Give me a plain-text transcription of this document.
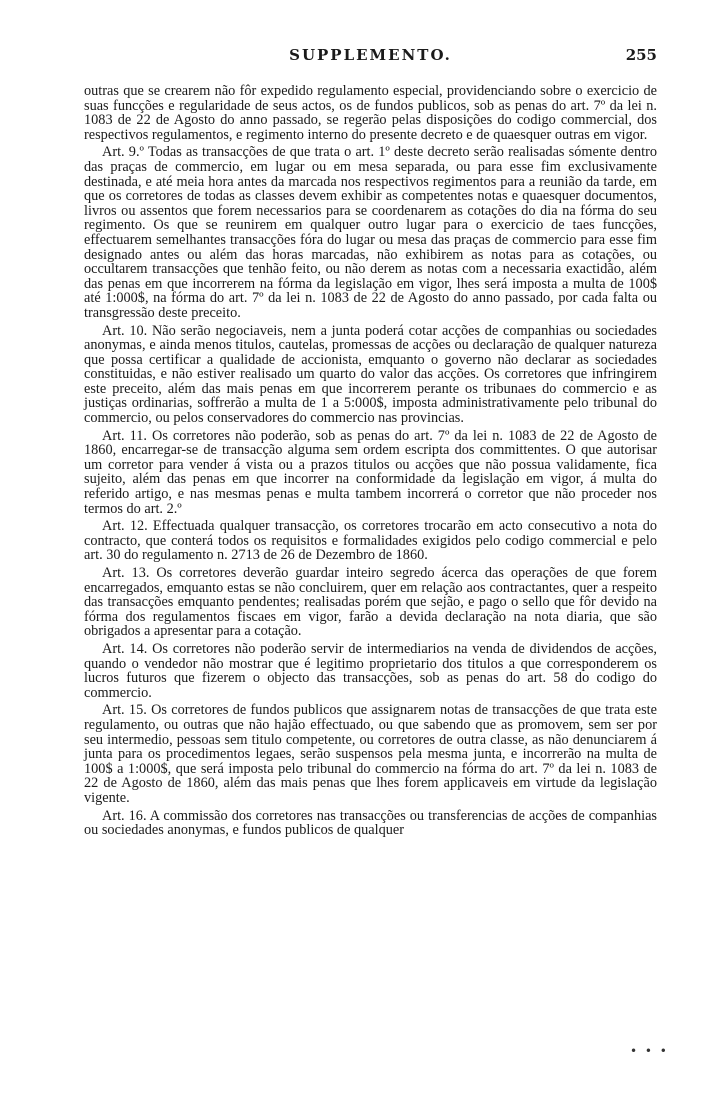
SUPPLEMENTO.	255

outras que se crearem não fôr expedido regulamento especial, providenciando sobre o exercicio de suas funcções e regularidade de seus actos, os de fundos publicos, sob as penas do art. 7º da lei n. 1083 de 22 de Agosto do anno passado, se regerão pelas disposições do codigo commercial, dos respectivos regulamentos, e regimento interno do presente decreto e de quaesquer outras em vigor.

Art. 9.º Todas as transacções de que trata o art. 1º deste decreto serão realisadas sómente dentro das praças de commercio, em lugar ou em mesa separada, ou para esse fim exclusivamente destinada, e até meia hora antes da marcada nos respectivos regimentos para a reunião da tarde, em que os corretores de todas as classes devem exhibir as competentes notas e quaesquer documentos, livros ou assentos que forem necessarios para se coordenarem as cotações do dia na fórma do seu regimento. Os que se reunirem em qualquer outro lugar para o exercicio de taes funcções, effectuarem semelhantes transacções fóra do lugar ou mesa das praças de commercio para esse fim designado antes ou além das horas marcadas, não exhibirem as notas para as cotações, ou occultarem transacções que tenhão feito, ou não derem as notas com a necessaria exactidão, além das penas em que incorrerem na fórma da legislação em vigor, lhes será imposta a multa de 100$ até 1:000$, na fórma do art. 7º da lei n. 1083 de 22 de Agosto do anno passado, por cada falta ou transgressão deste preceito.

Art. 10. Não serão negociaveis, nem a junta poderá cotar acções de companhias ou sociedades anonymas, e ainda menos titulos, cautelas, promessas de acções ou declaração de qualquer natureza que possa certificar a qualidade de accionista, emquanto o governo não declarar as sociedades constituidas, e não estiver realisado um quarto do valor das acções. Os corretores que infringirem este preceito, além das mais penas em que incorrerem perante os tribunaes do commercio e as justiças ordinarias, soffrerão a multa de 1 a 5:000$, imposta administrativamente pelo tribunal do commercio, ou pelos conservadores do commercio nas provincias.

Art. 11. Os corretores não poderão, sob as penas do art. 7º da lei n. 1083 de 22 de Agosto de 1860, encarregar-se de transacção alguma sem ordem escripta dos committentes. O que autorisar um corretor para vender á vista ou a prazos titulos ou acções que não possua validamente, fica sujeito, além das penas em que incorrer na conformidade da legislação em vigor, á multa do referido artigo, e nas mesmas penas e multa tambem incorrerá o corretor que não proceder nos termos do art. 2.º

Art. 12. Effectuada qualquer transacção, os corretores trocarão em acto consecutivo a nota do contracto, que conterá todos os requisitos e formalidades exigidos pelo codigo commercial e pelo art. 30 do regulamento n. 2713 de 26 de Dezembro de 1860.

Art. 13. Os corretores deverão guardar inteiro segredo ácerca das operações de que forem encarregados, emquanto estas se não concluirem, quer em relação aos contractantes, quer a respeito das transacções emquanto pendentes; realisadas porém que sejão, e pago o sello que fôr devido na fórma dos regulamentos fiscaes em vigor, farão a devida declaração na nota diaria, que são obrigados a apresentar para a cotação.

Art. 14. Os corretores não poderão servir de intermediarios na venda de dividendos de acções, quando o vendedor não mostrar que é legitimo proprietario dos titulos a que corresponderem os lucros futuros que fizerem o objecto das transacções, sob as penas do art. 58 do codigo do commercio.

Art. 15. Os corretores de fundos publicos que assignarem notas de transacções de que trata este regulamento, ou outras que não hajão effectuado, ou que sabendo que as promovem, sem ser por seu intermedio, pessoas sem titulo competente, ou corretores de outra classe, as não denunciarem á junta para os procedimentos legaes, serão suspensos pela mesma junta, e incorrerão na multa de 100$ a 1:000$, que será imposta pelo tribunal do commercio na fórma do art. 7º da lei n. 1083 de 22 de Agosto de 1860, além das mais penas que lhes forem applicaveis em virtude da legislação vigente.

Art. 16. A commissão dos corretores nas transacções ou transferencias de acções de companhias ou sociedades anonymas, e fundos publicos de qualquer

• • •
